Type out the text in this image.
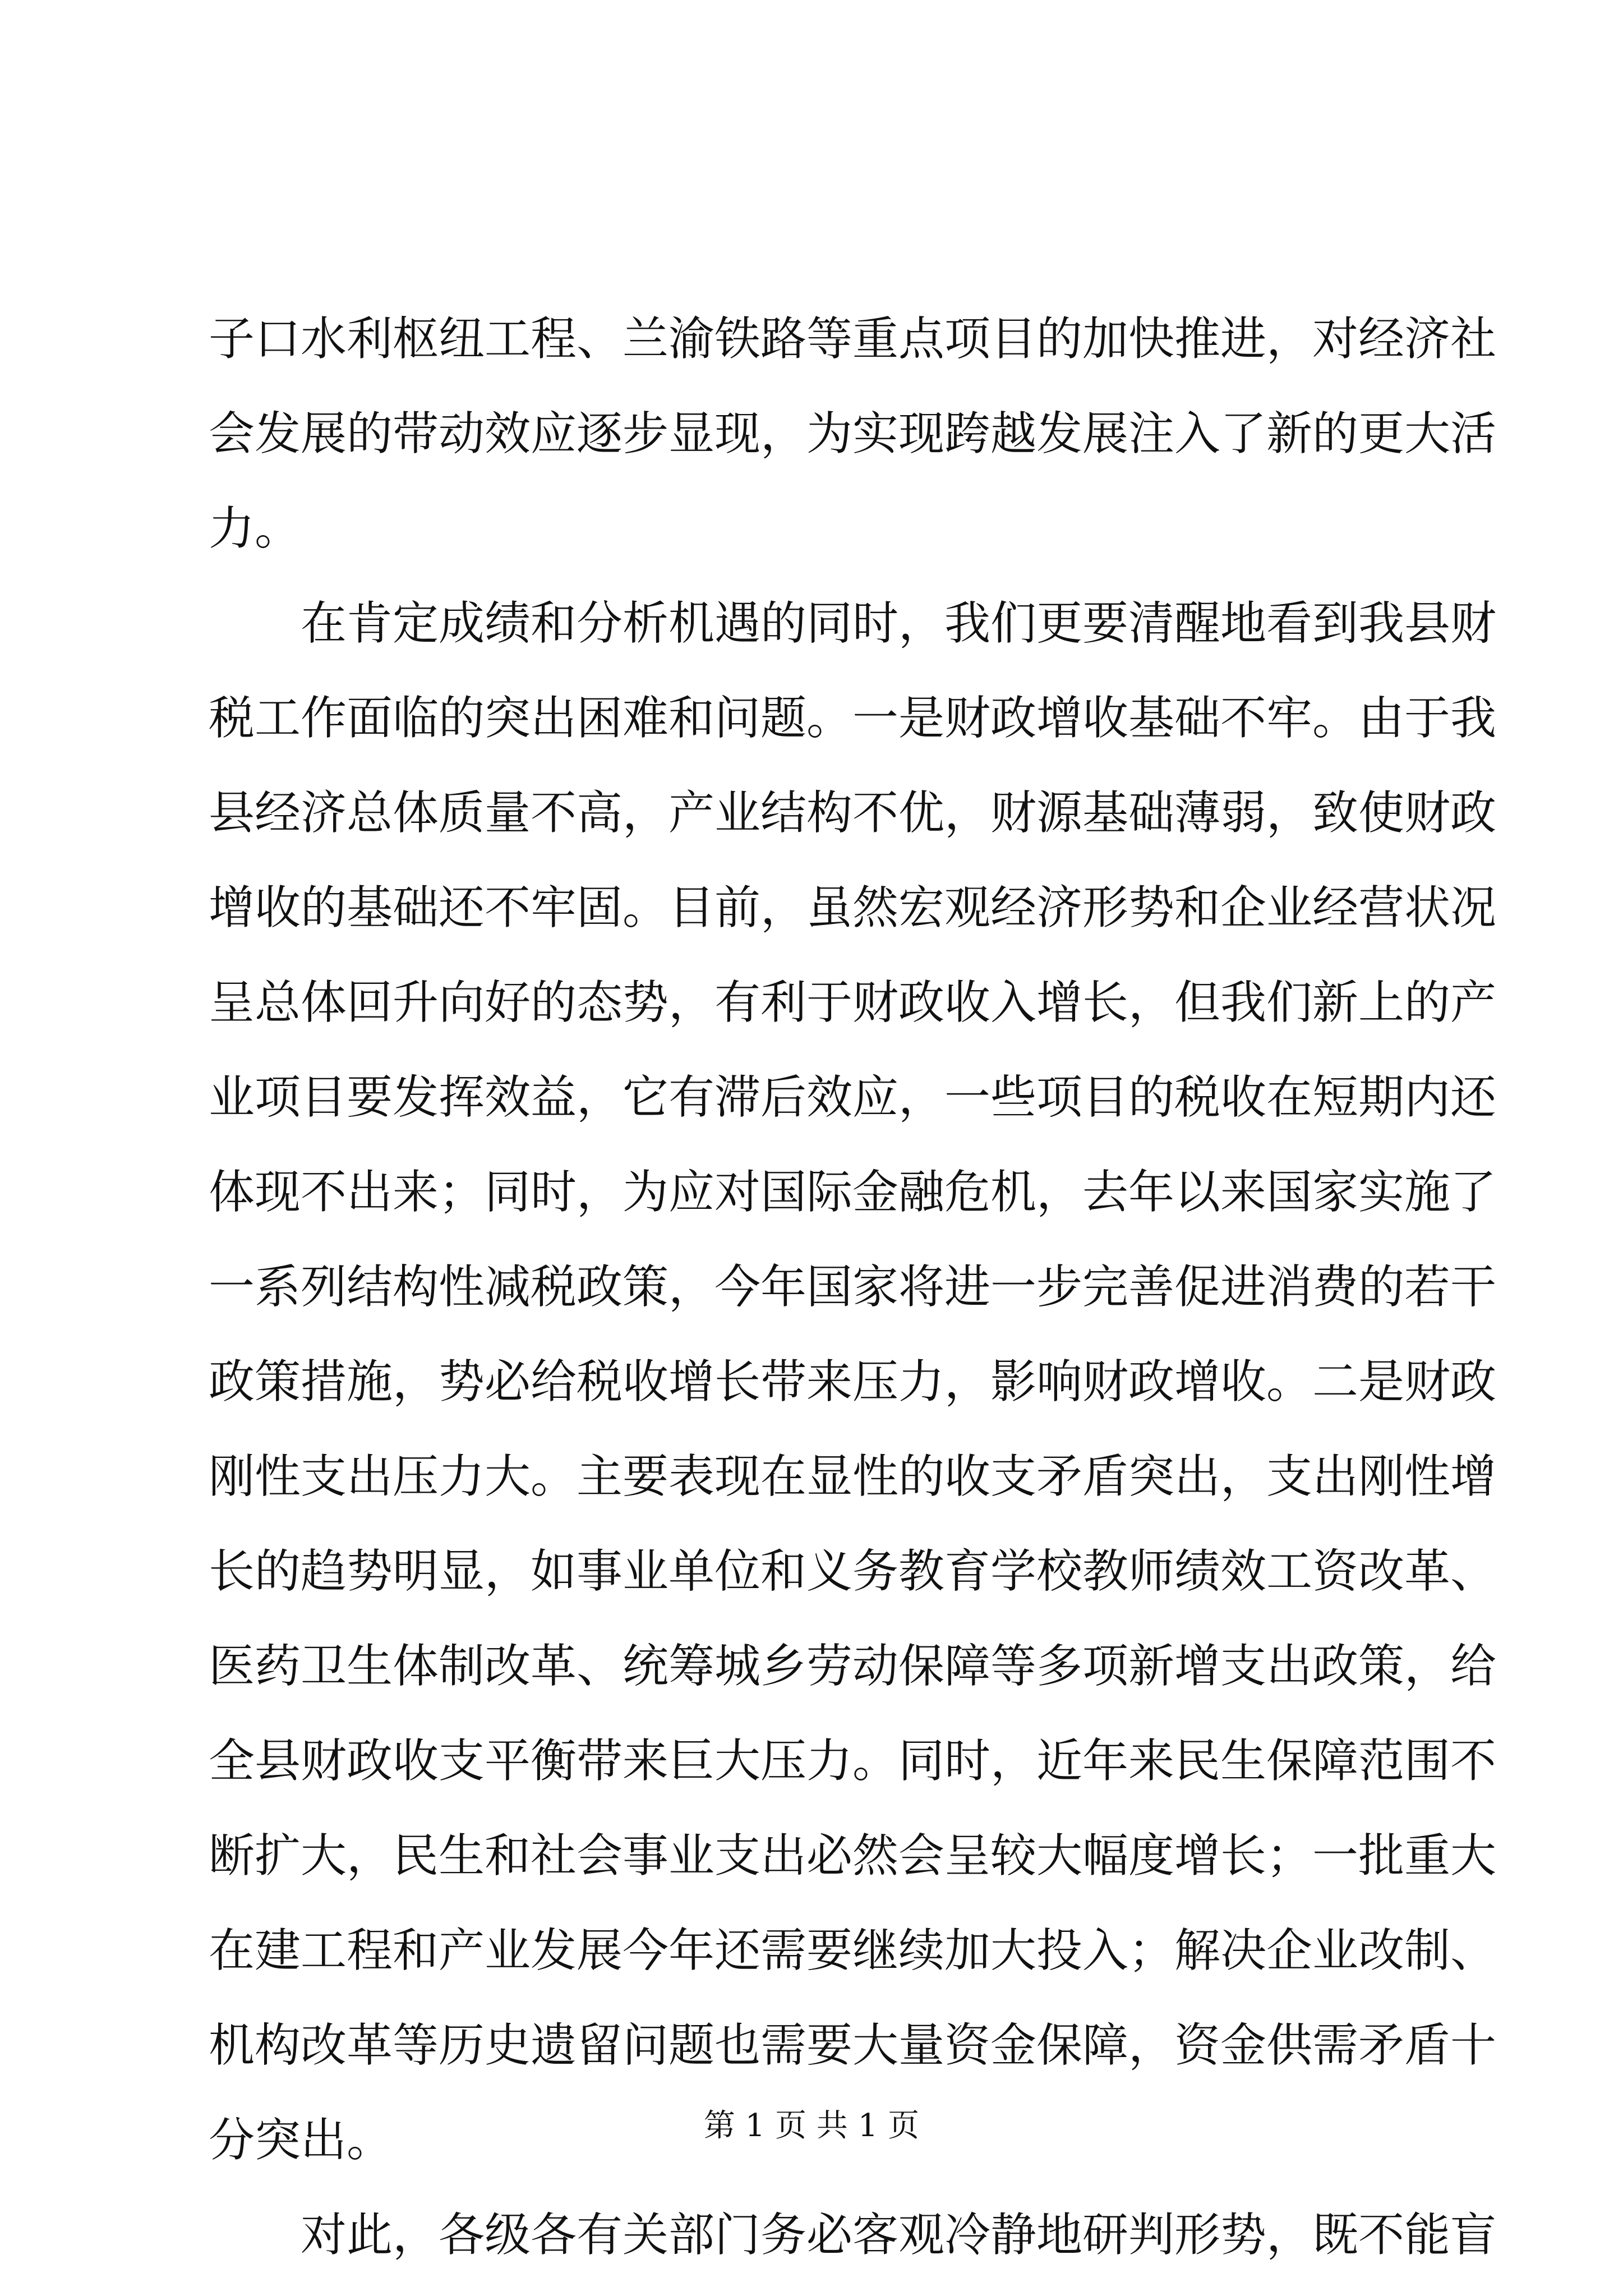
子口水利枢纽工程、兰渝铁路等重点项目的加快推进，对经济社
会发展的带动效应逐步显现，为实现跨越发展注入了新的更大活
力。
在肯定成绩和分析机遇的同时，我们更要清醒地看到我县财
税工作面临的突出困难和问题。一是财政增收基础不牢。由于我
县经济总体质量不高，产业结构不优，财源基础薄弱，致使财政
增收的基础还不牢固。目前，虽然宏观经济形势和企业经营状况
呈总体回升向好的态势，有利于财政收入增长，但我们新上的产
业项目要发挥效益，它有滞后效应，一些项目的税收在短期内还
体现不出来；同时，为应对国际金融危机，去年以来国家实施了
一系列结构性减税政策，今年国家将进一步完善促进消费的若干
政策措施，势必给税收增长带来压力，影响财政增收。二是财政
刚性支出压力大。主要表现在显性的收支矛盾突出，支出刚性增
长的趋势明显，如事业单位和义务教育学校教师绩效工资改革、
医药卫生体制改革、统筹城乡劳动保障等多项新增支出政策，给
全县财政收支平衡带来巨大压力。同时，近年来民生保障范围不
断扩大，民生和社会事业支出必然会呈较大幅度增长；一批重大
在建工程和产业发展今年还需要继续加大投入；解决企业改制、
机构改革等历史遗留问题也需要大量资金保障，资金供需矛盾十
分突出。
对此，各级各有关部门务必客观冷静地研判形势，既不能盲
第 1 页 共 1 页
